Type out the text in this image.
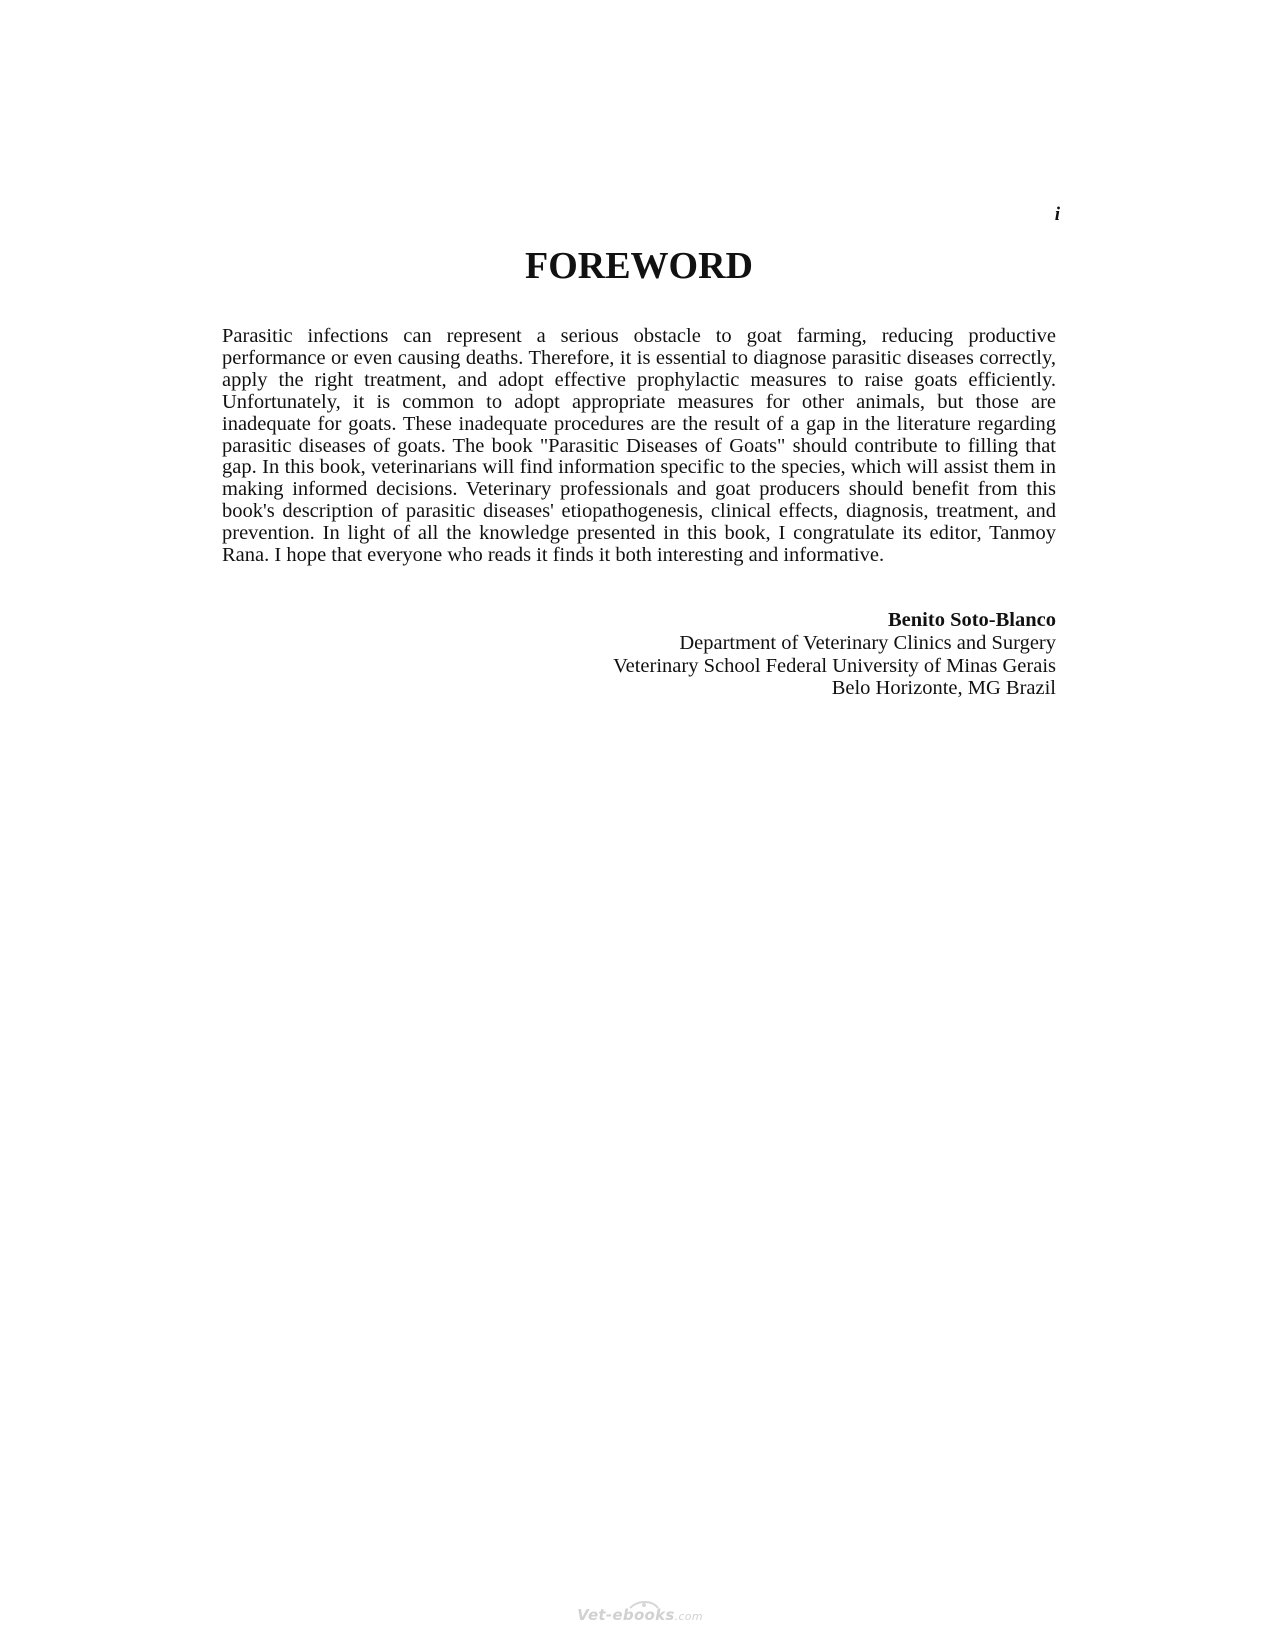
i
FOREWORD

Parasitic infections can represent a serious obstacle to goat farming, reducing productive performance or even causing deaths. Therefore, it is essential to diagnose parasitic diseases correctly, apply the right treatment, and adopt effective prophylactic measures to raise goats efficiently. Unfortunately, it is common to adopt appropriate measures for other animals, but those are inadequate for goats. These inadequate procedures are the result of a gap in the literature regarding parasitic diseases of goats. The book "Parasitic Diseases of Goats" should contribute to filling that gap. In this book, veterinarians will find information specific to the species, which will assist them in making informed decisions. Veterinary professionals and goat producers should benefit from this book's description of parasitic diseases' etiopathogenesis, clinical effects, diagnosis, treatment, and prevention. In light of all the knowledge presented in this book, I congratulate its editor, Tanmoy Rana. I hope that everyone who reads it finds it both interesting and informative.

Benito Soto-Blanco
Department of Veterinary Clinics and Surgery
Veterinary School Federal University of Minas Gerais
Belo Horizonte, MG Brazil
Vet-ebooks.com
